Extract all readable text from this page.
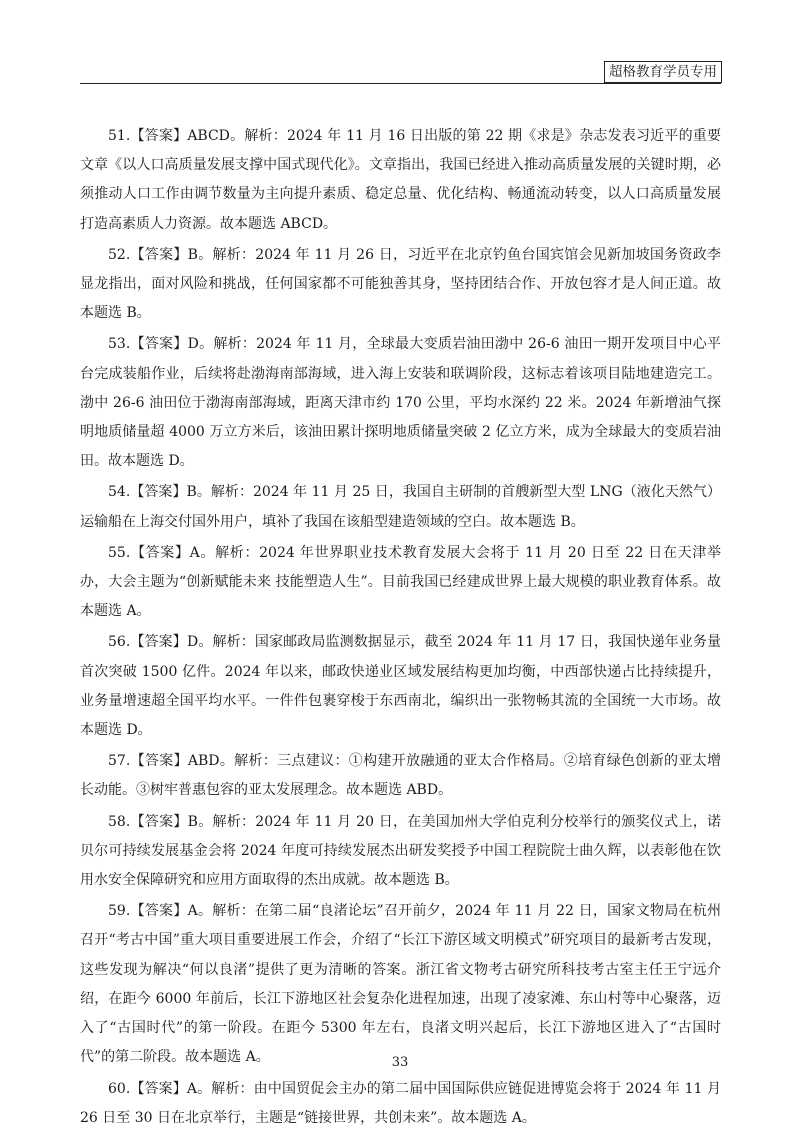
超格教育学员专用

51.【答案】ABCD。解析：2024 年 11 月 16 日出版的第 22 期《求是》杂志发表习近平的重要文章《以人口高质量发展支撑中国式现代化》。文章指出，我国已经进入推动高质量发展的关键时期，必须推动人口工作由调节数量为主向提升素质、稳定总量、优化结构、畅通流动转变，以人口高质量发展打造高素质人力资源。故本题选 ABCD。

52.【答案】B。解析：2024 年 11 月 26 日，习近平在北京钓鱼台国宾馆会见新加坡国务资政李显龙指出，面对风险和挑战，任何国家都不可能独善其身，坚持团结合作、开放包容才是人间正道。故本题选 B。

53.【答案】D。解析：2024 年 11 月，全球最大变质岩油田渤中 26-6 油田一期开发项目中心平台完成装船作业，后续将赴渤海南部海域，进入海上安装和联调阶段，这标志着该项目陆地建造完工。渤中 26-6 油田位于渤海南部海域，距离天津市约 170 公里，平均水深约 22 米。2024 年新增油气探明地质储量超 4000 万立方米后，该油田累计探明地质储量突破 2 亿立方米，成为全球最大的变质岩油田。故本题选 D。

54.【答案】B。解析：2024 年 11 月 25 日，我国自主研制的首艘新型大型 LNG（液化天然气）运输船在上海交付国外用户，填补了我国在该船型建造领域的空白。故本题选 B。

55.【答案】A。解析：2024 年世界职业技术教育发展大会将于 11 月 20 日至 22 日在天津举办，大会主题为“创新赋能未来 技能塑造人生”。目前我国已经建成世界上最大规模的职业教育体系。故本题选 A。

56.【答案】D。解析：国家邮政局监测数据显示，截至 2024 年 11 月 17 日，我国快递年业务量首次突破 1500 亿件。2024 年以来，邮政快递业区域发展结构更加均衡，中西部快递占比持续提升，业务量增速超全国平均水平。一件件包裹穿梭于东西南北，编织出一张物畅其流的全国统一大市场。故本题选 D。

57.【答案】ABD。解析：三点建议：①构建开放融通的亚太合作格局。②培育绿色创新的亚太增长动能。③树牢普惠包容的亚太发展理念。故本题选 ABD。

58.【答案】B。解析：2024 年 11 月 20 日，在美国加州大学伯克利分校举行的颁奖仪式上，诺贝尔可持续发展基金会将 2024 年度可持续发展杰出研发奖授予中国工程院院士曲久辉，以表彰他在饮用水安全保障研究和应用方面取得的杰出成就。故本题选 B。

59.【答案】A。解析：在第二届“良渚论坛”召开前夕，2024 年 11 月 22 日，国家文物局在杭州召开“考古中国”重大项目重要进展工作会，介绍了“长江下游区域文明模式”研究项目的最新考古发现，这些发现为解决“何以良渚”提供了更为清晰的答案。浙江省文物考古研究所科技考古室主任王宁远介绍，在距今 6000 年前后，长江下游地区社会复杂化进程加速，出现了凌家滩、东山村等中心聚落，迈入了“古国时代”的第一阶段。在距今 5300 年左右，良渚文明兴起后，长江下游地区进入了“古国时代”的第二阶段。故本题选 A。

60.【答案】A。解析：由中国贸促会主办的第二届中国国际供应链促进博览会将于 2024 年 11 月 26 日至 30 日在北京举行，主题是“链接世界，共创未来”。故本题选 A。

33
